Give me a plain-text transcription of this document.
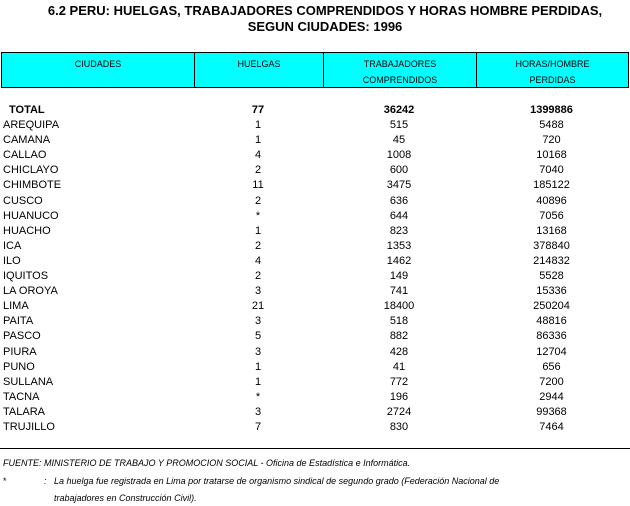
6.2 PERU: HUELGAS, TRABAJADORES COMPRENDIDOS Y HORAS HOMBRE PERDIDAS,
SEGUN CIUDADES: 1996
CIUDADES	HUELGAS	TRABAJADORES
COMPRENDIDOS
HORAS/HOMBRE
PERDIDAS
TOTAL	77	36242	1399886
AREQUIPA	1	515	5488
CAMANA	1	45	720
CALLAO	4	1008	10168
CHICLAYO	2	600	7040
CHIMBOTE	11	3475	185122
CUSCO	2	636	40896
HUANUCO	*	644	7056
HUACHO	1	823	13168
ICA	2	1353	378840
ILO	4	1462	214832
IQUITOS	2	149	5528
LA OROYA	3	741	15336
LIMA	21	18400	250204
PAITA	3	518	48816
PASCO	5	882	86336
PIURA	3	428	12704
PUNO	1	41	656
SULLANA	1	772	7200
TACNA	*	196	2944
TALARA	3	2724	99368
TRUJILLO	7	830	7464
FUENTE: MINISTERIO DE TRABAJO Y PROMOCION SOCIAL - Oficina de Estadística e Informática.
*	: La huelga fue registrada en Lima por tratarse de organismo sindical de segundo grado (Federación Nacional de
trabajadores en Construcción Civil).
